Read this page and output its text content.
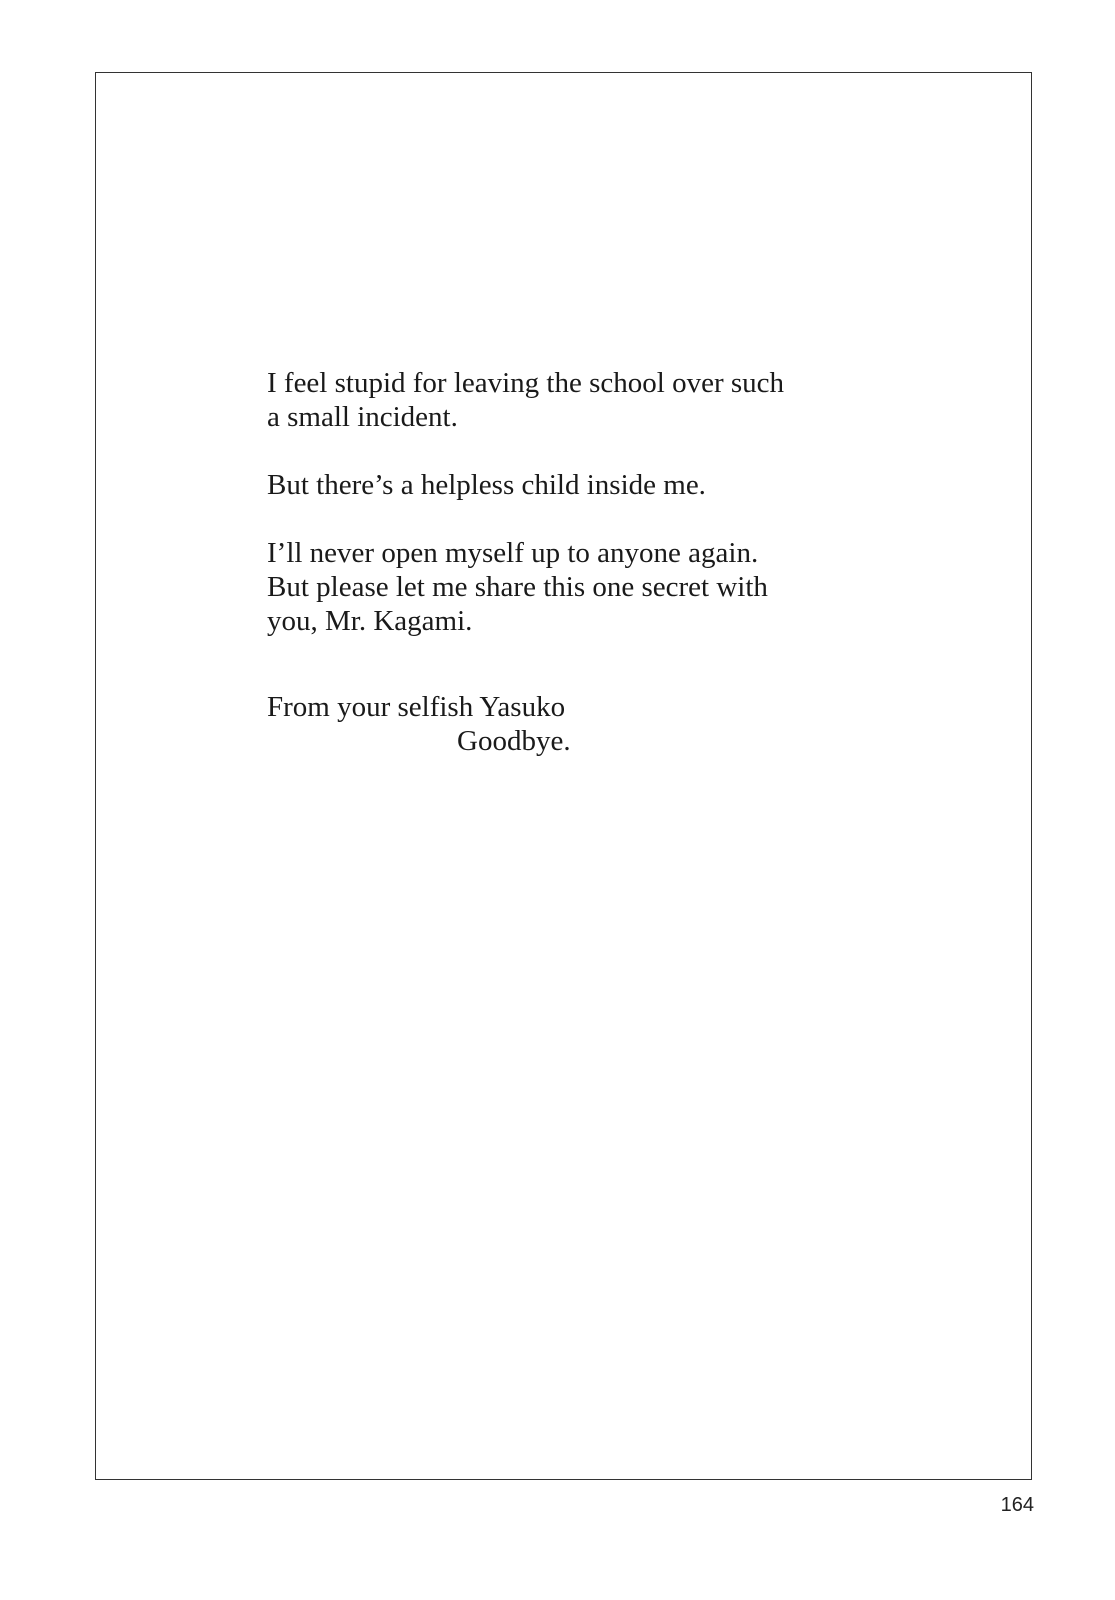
I feel stupid for leaving the school over such
a small incident.
But there’s a helpless child inside me.
I’ll never open myself up to anyone again.
But please let me share this one secret with
you, Mr. Kagami.
From your selfish Yasuko
Goodbye.
164
